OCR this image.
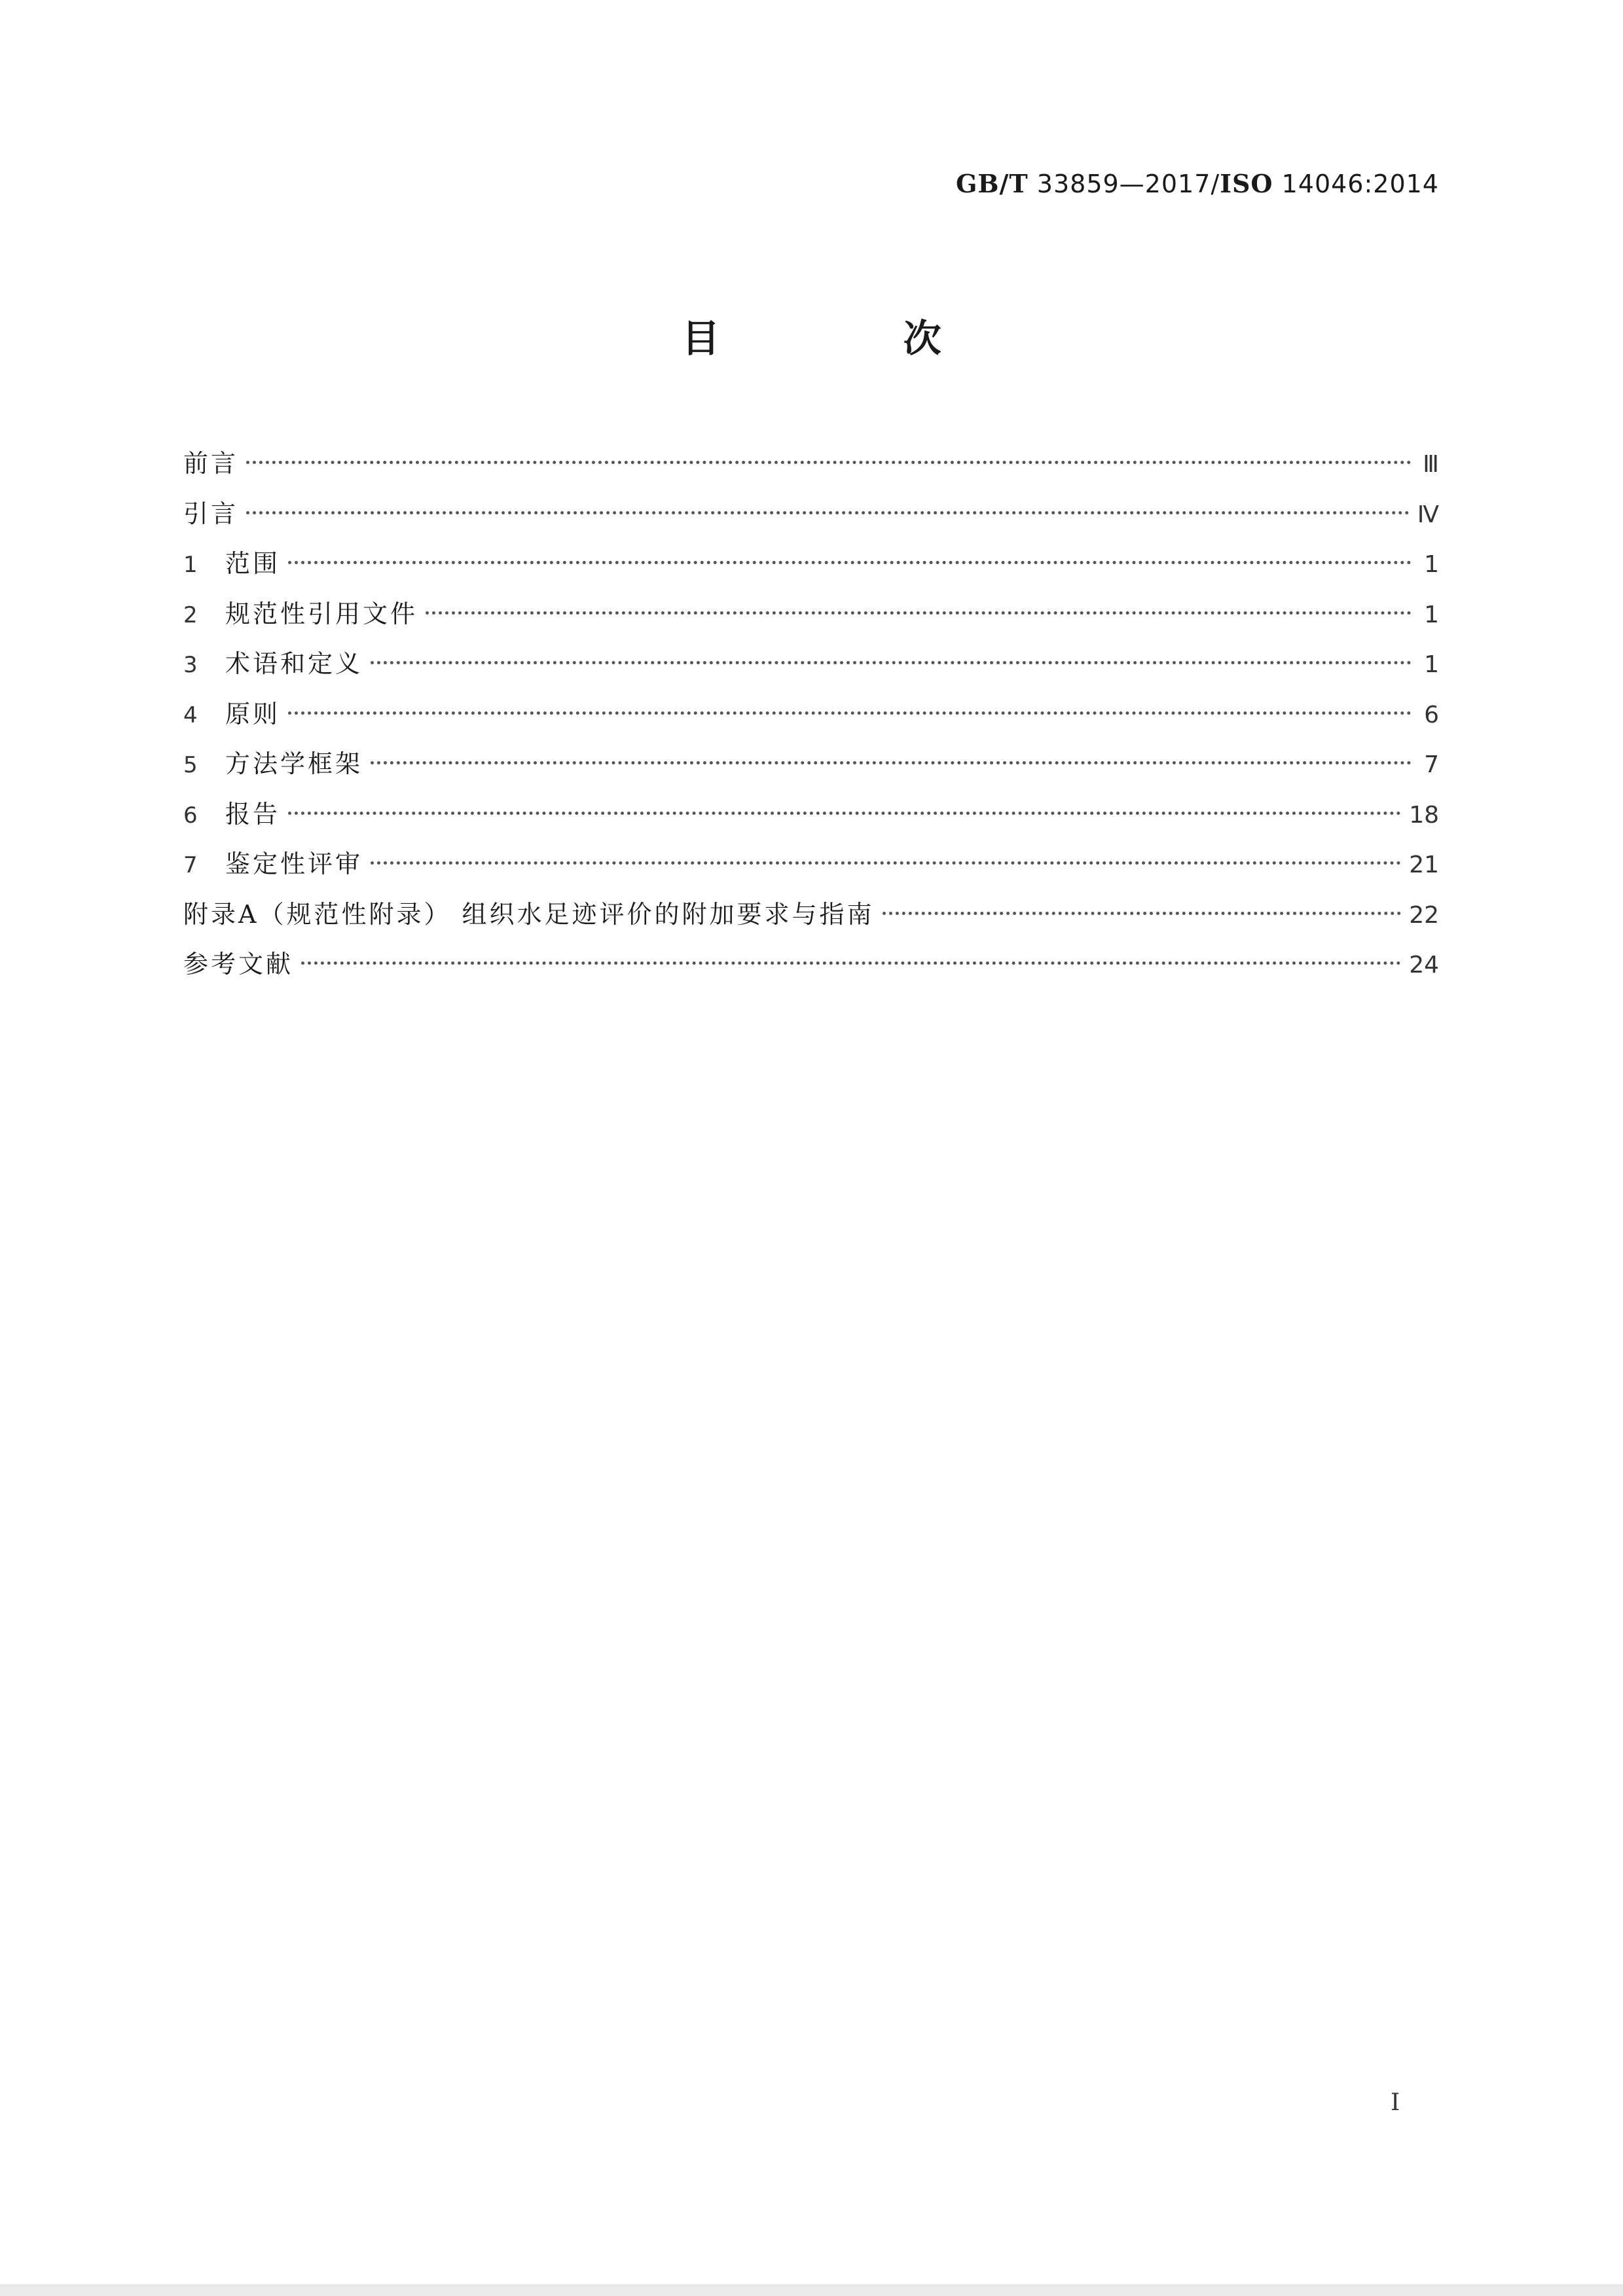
GB/T 33859—2017/ISO 14046:2014
目 次
前言	Ⅲ
引言	Ⅳ
1	范围	1
2	规范性引用文件	1
3	术语和定义	1
4	原则	6
5	方法学框架	7
6	报告	18
7	鉴定性评审	21
附录A（规范性附录） 组织水足迹评价的附加要求与指南	22
参考文献	24
Ⅰ
